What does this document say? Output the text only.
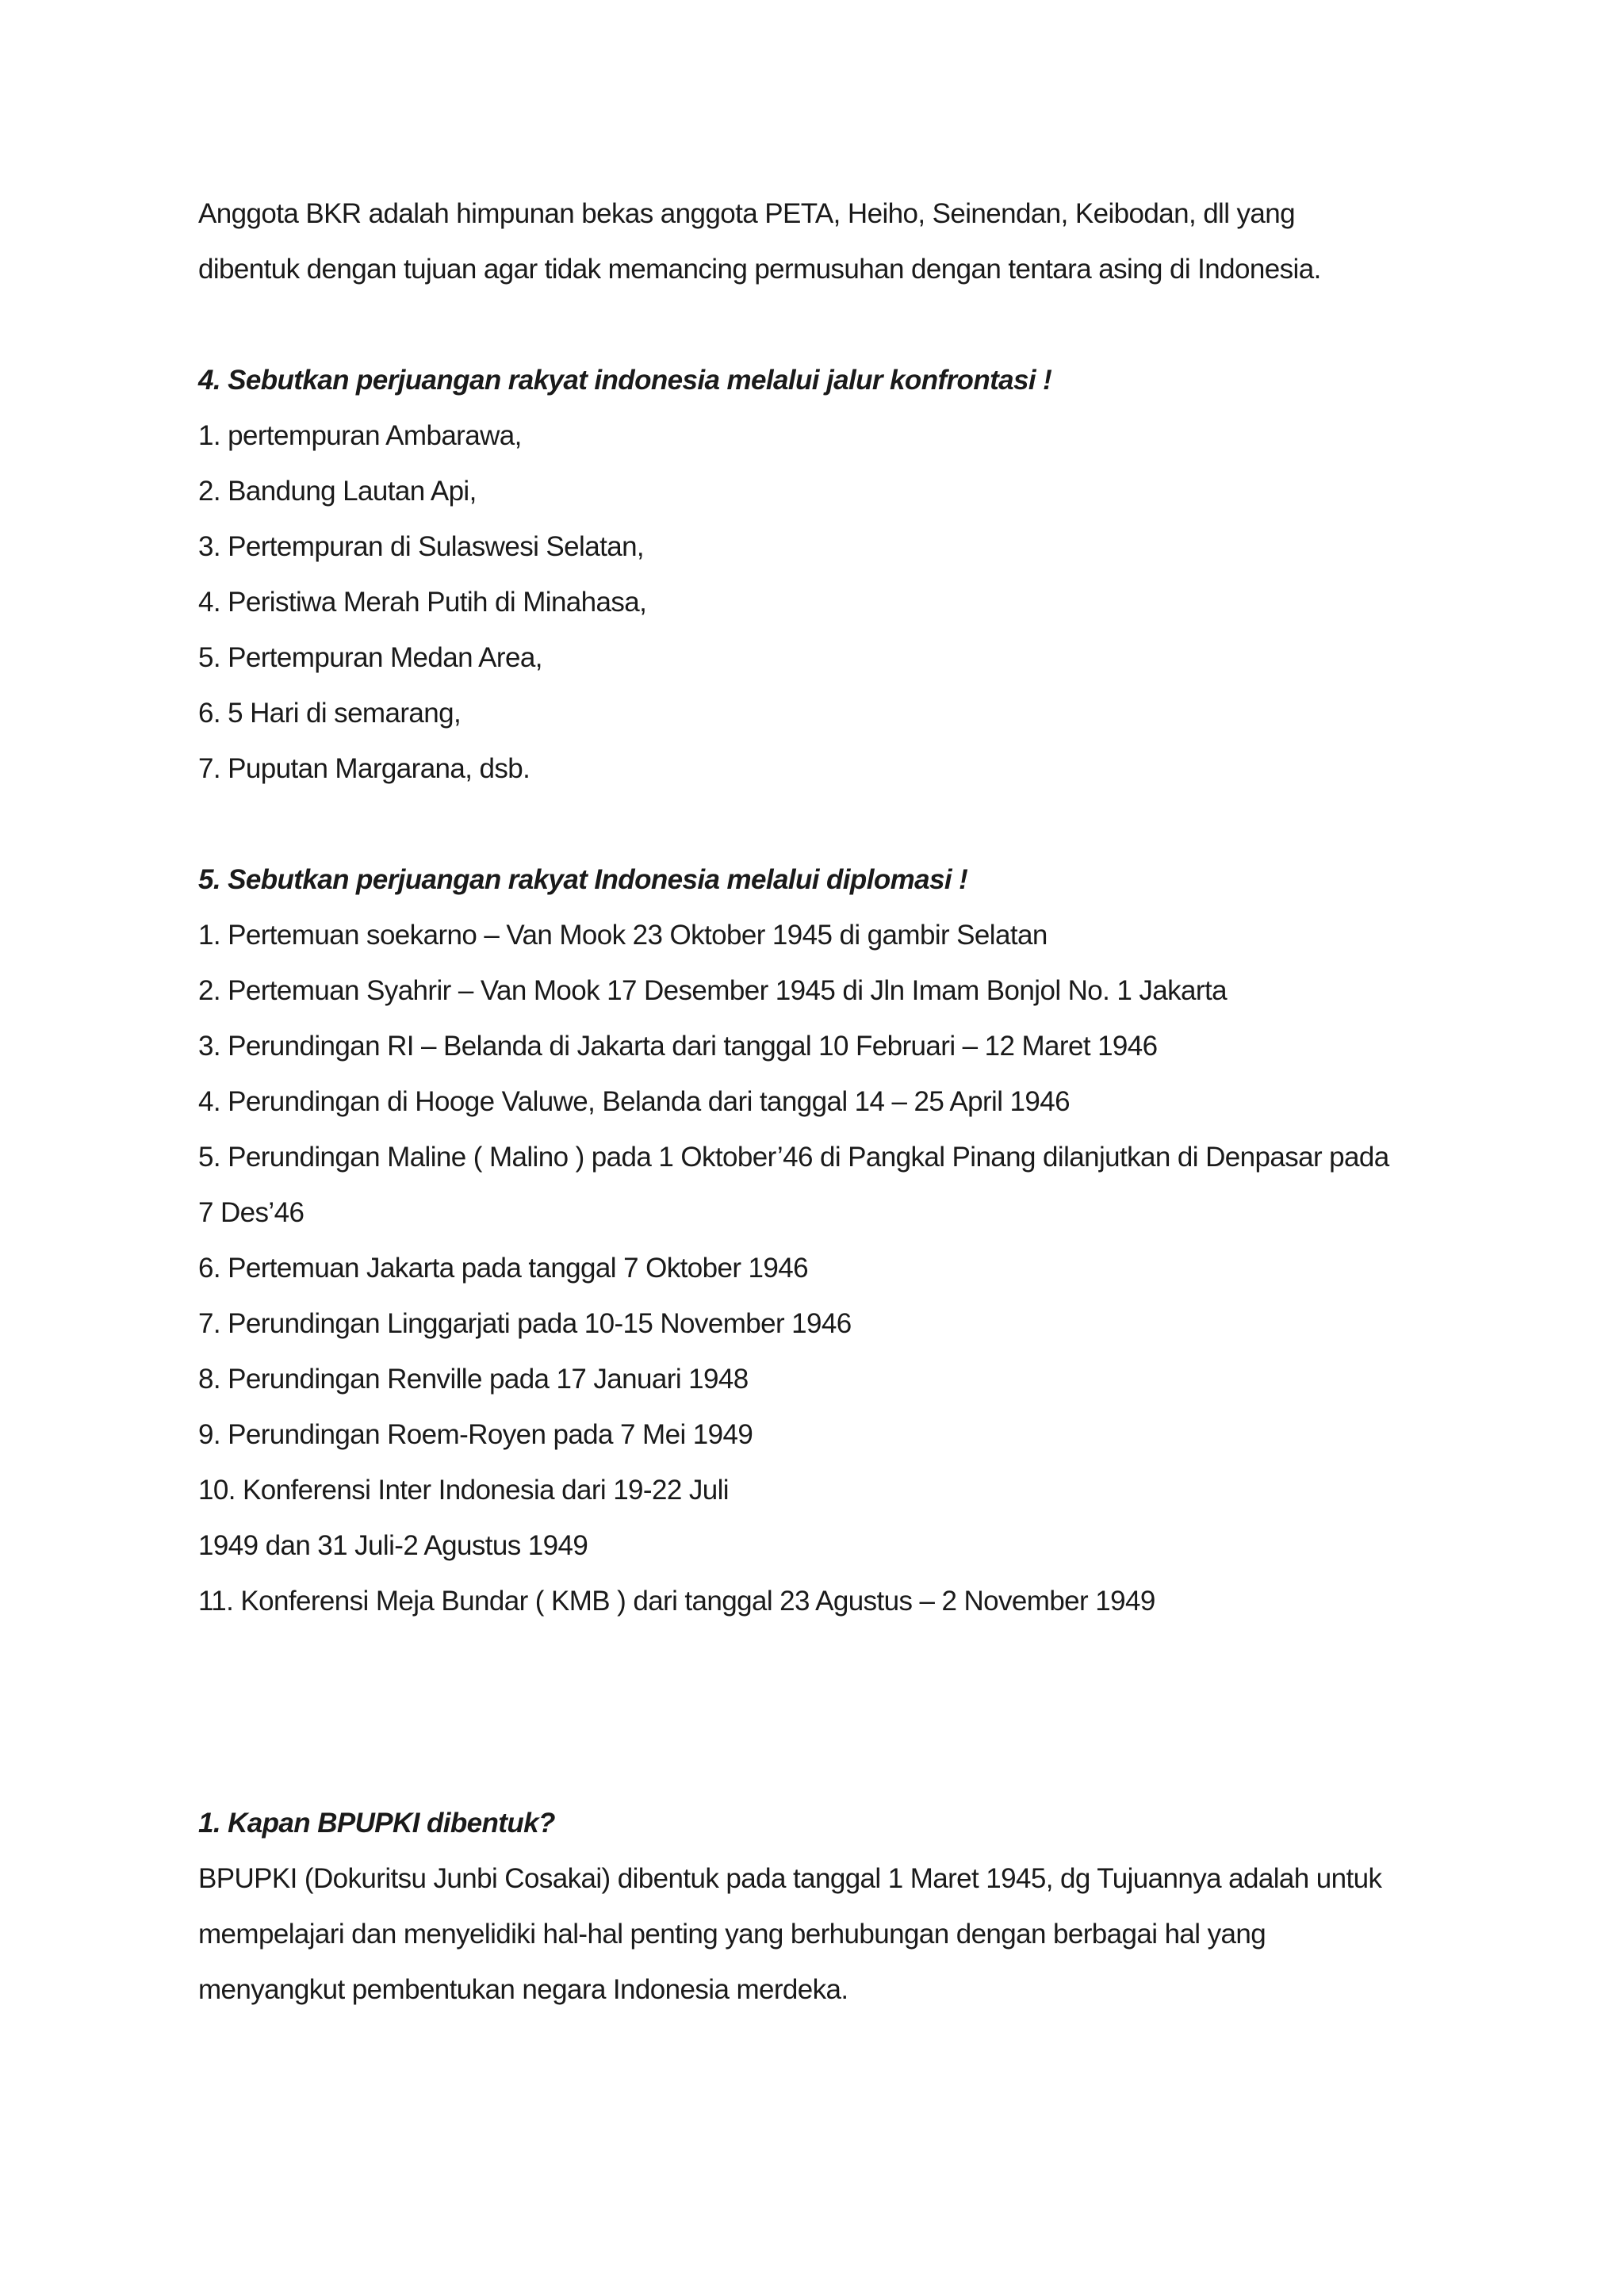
Anggota BKR adalah himpunan bekas anggota PETA, Heiho, Seinendan, Keibodan, dll yang
dibentuk dengan tujuan agar tidak memancing permusuhan dengan tentara asing di Indonesia.
4. Sebutkan perjuangan rakyat indonesia melalui jalur konfrontasi !
1. pertempuran Ambarawa,
2. Bandung Lautan Api,
3. Pertempuran di Sulaswesi Selatan,
4. Peristiwa Merah Putih di Minahasa,
5. Pertempuran Medan Area,
6. 5 Hari di semarang,
7. Puputan Margarana, dsb.
5. Sebutkan perjuangan rakyat Indonesia melalui diplomasi !
1. Pertemuan soekarno – Van Mook 23 Oktober 1945 di gambir Selatan
2. Pertemuan Syahrir – Van Mook 17 Desember 1945 di Jln Imam Bonjol No. 1 Jakarta
3. Perundingan RI – Belanda di Jakarta dari tanggal 10 Februari – 12 Maret 1946
4. Perundingan di Hooge Valuwe, Belanda dari tanggal 14 – 25 April 1946
5. Perundingan Maline ( Malino ) pada 1 Oktober’46 di Pangkal Pinang dilanjutkan di Denpasar pada
7 Des’46
6. Pertemuan Jakarta pada tanggal 7 Oktober 1946
7. Perundingan Linggarjati pada 10-15 November 1946
8. Perundingan Renville pada 17 Januari 1948
9. Perundingan Roem-Royen pada 7 Mei 1949
10. Konferensi Inter Indonesia dari 19-22 Juli
1949 dan 31 Juli-2 Agustus 1949
11. Konferensi Meja Bundar ( KMB ) dari tanggal 23 Agustus – 2 November 1949
1. Kapan BPUPKI dibentuk?
BPUPKI (Dokuritsu Junbi Cosakai) dibentuk pada tanggal 1 Maret 1945, dg Tujuannya adalah untuk
mempelajari dan menyelidiki hal-hal penting yang berhubungan dengan berbagai hal yang
menyangkut pembentukan negara Indonesia merdeka.
